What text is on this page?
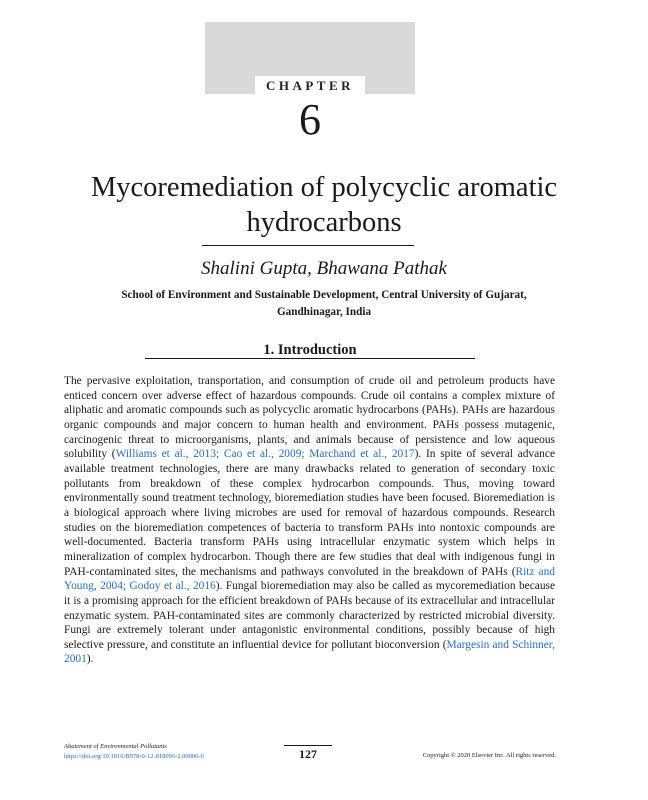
CHAPTER
6
Mycoremediation of polycyclic aromatic hydrocarbons
Shalini Gupta, Bhawana Pathak
School of Environment and Sustainable Development, Central University of Gujarat,
Gandhinagar, India
1. Introduction
The pervasive exploitation, transportation, and consumption of crude oil and petroleum products have enticed concern over adverse effect of hazardous compounds. Crude oil contains a complex mixture of aliphatic and aromatic compounds such as polycyclic aromatic hydrocarbons (PAHs). PAHs are hazardous organic compounds and major concern to human health and environment. PAHs possess mutagenic, carcinogenic threat to microorganisms, plants, and animals because of persistence and low aqueous solubility (Williams et al., 2013; Cao et al., 2009; Marchand et al., 2017). In spite of several advance available treatment technologies, there are many drawbacks related to generation of secondary toxic pollutants from breakdown of these complex hydrocarbon compounds. Thus, moving toward environmentally sound treatment technology, bioremediation studies have been focused. Bioremediation is a biological approach where living microbes are used for removal of hazardous compounds. Research studies on the bioremediation competences of bacteria to transform PAHs into nontoxic compounds are well-documented. Bacteria transform PAHs using intracellular enzymatic system which helps in mineralization of complex hydrocarbon. Though there are few studies that deal with indigenous fungi in PAH-contaminated sites, the mechanisms and pathways convoluted in the breakdown of PAHs (Ritz and Young, 2004; Godoy et al., 2016). Fungal bioremediation may also be called as mycoremediation because it is a promising approach for the efficient breakdown of PAHs because of its extracellular and intracellular enzymatic system. PAH-contaminated sites are commonly characterized by restricted microbial diversity. Fungi are extremely tolerant under antagonistic environmental conditions, possibly because of high selective pressure, and constitute an influential device for pollutant bioconversion (Margesin and Schinner, 2001).
Abatement of Environmental Pollutants
https://doi.org/10.1016/B978-0-12-818095-2.00006-0	127	Copyright © 2020 Elsevier Inc. All rights reserved.
